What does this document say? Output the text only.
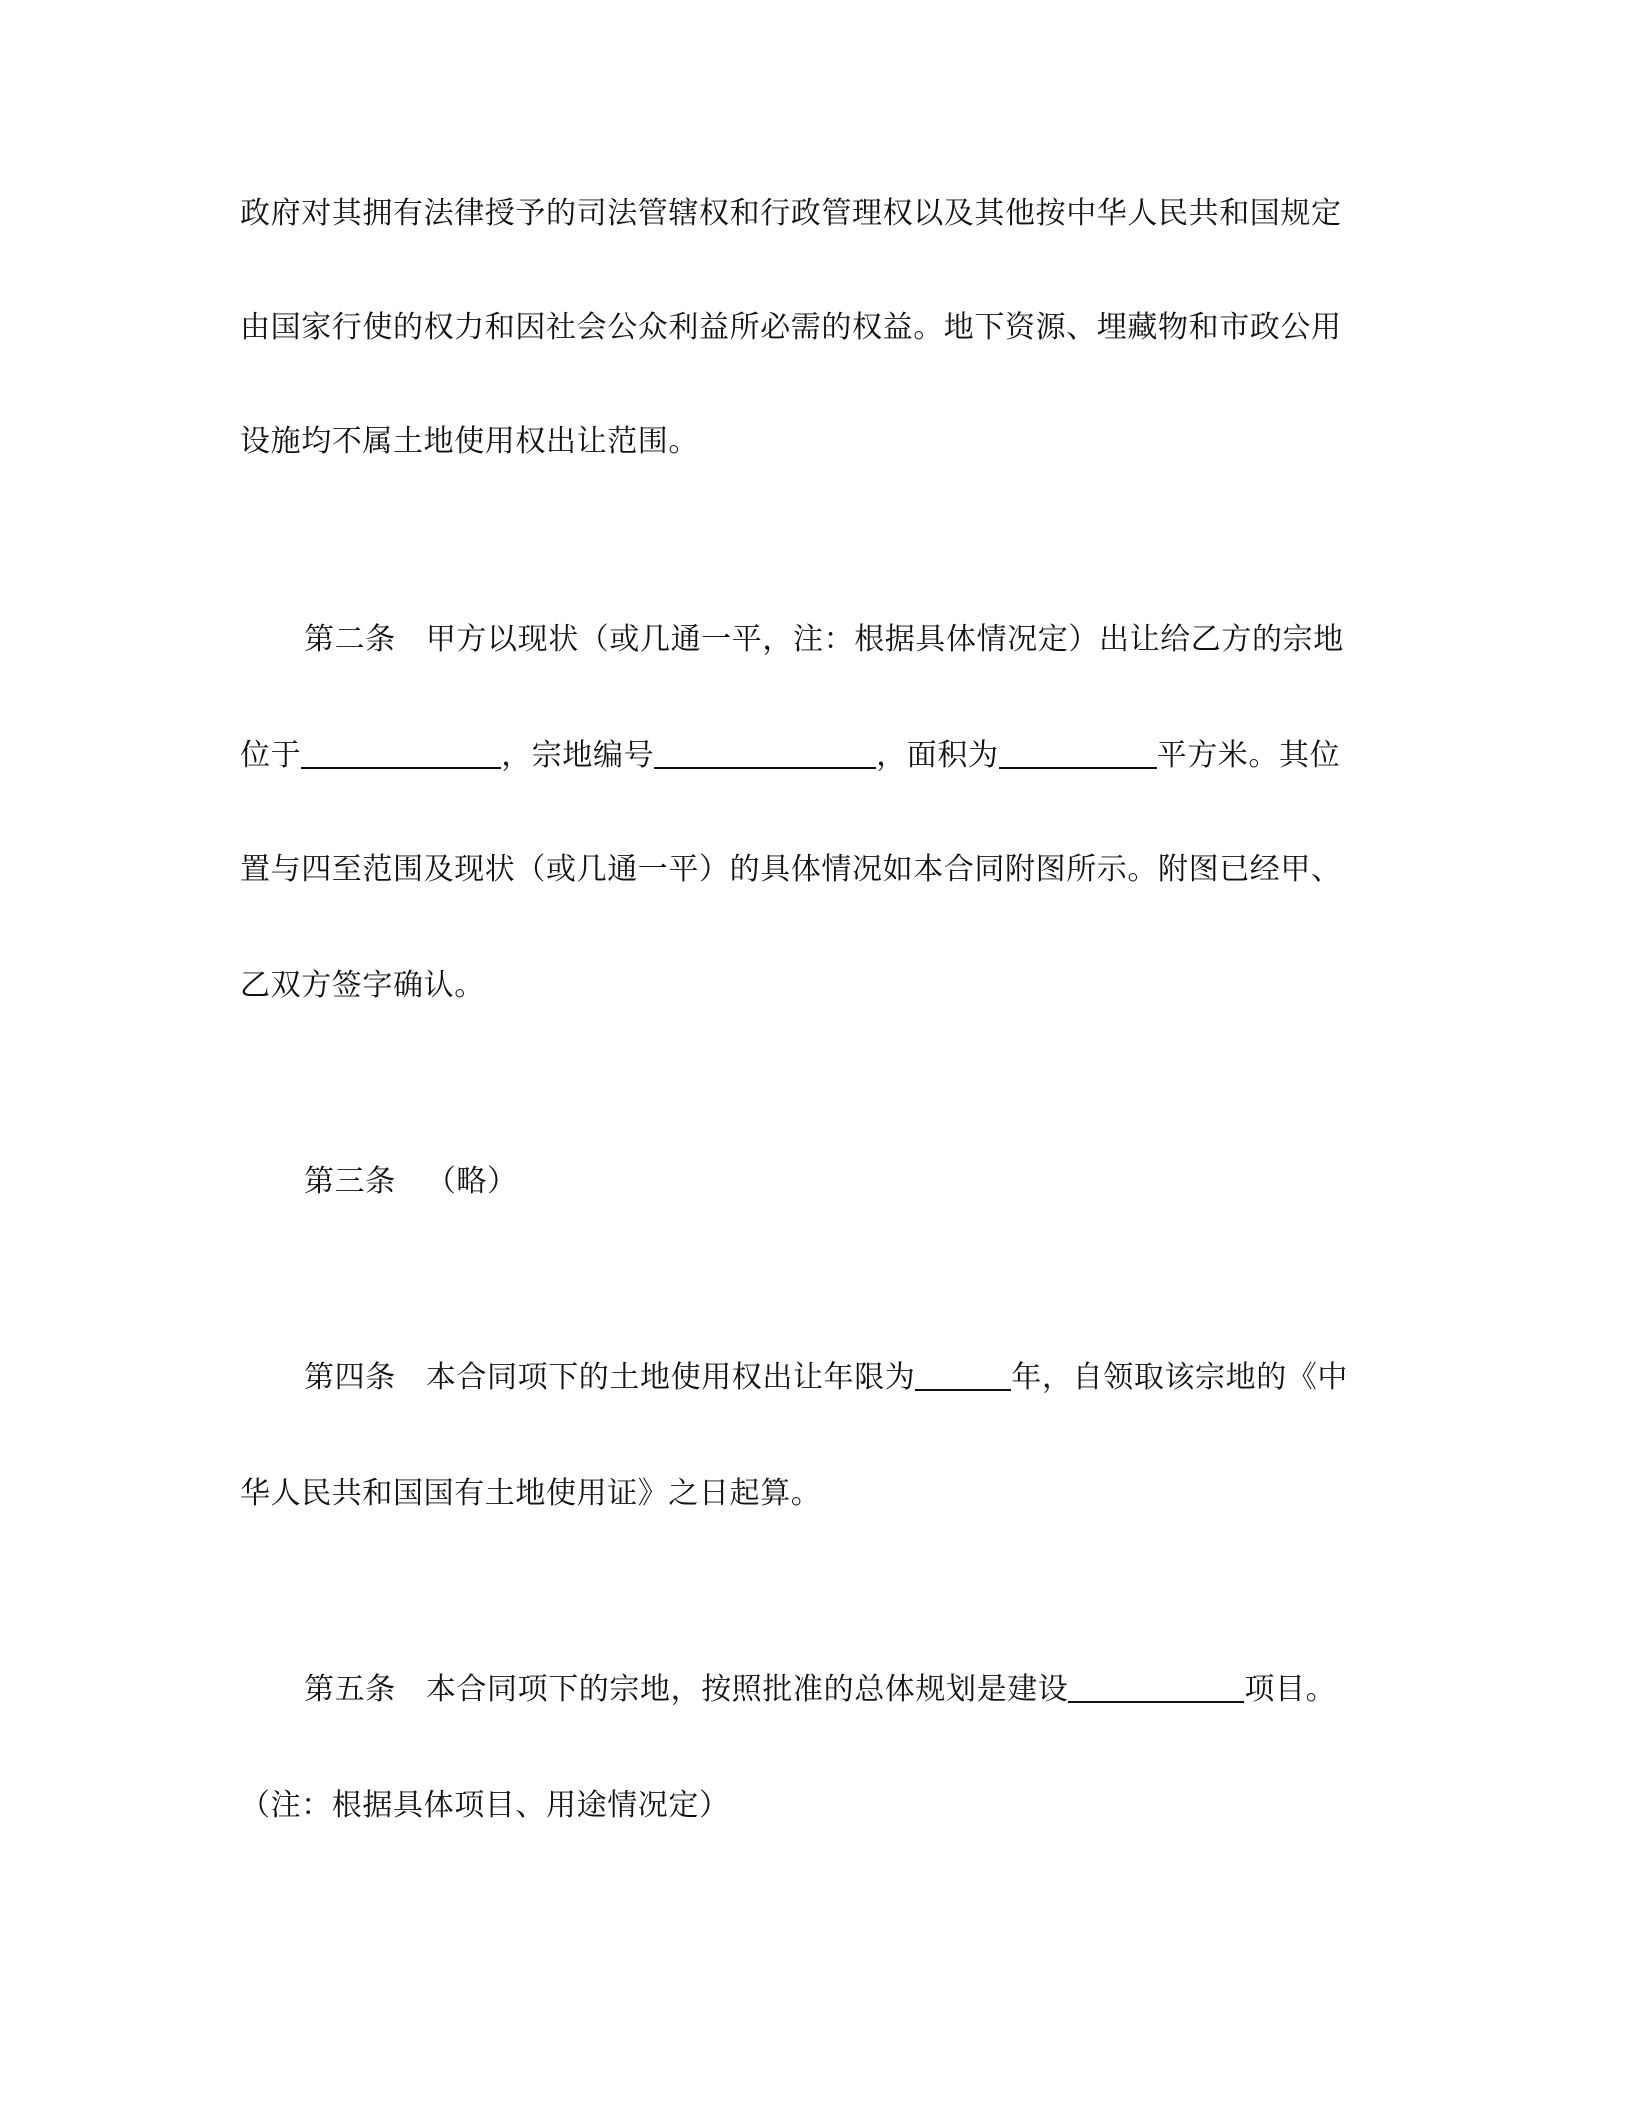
政府对其拥有法律授予的司法管辖权和行政管理权以及其他按中华人民共和国规定
由国家行使的权力和因社会公众利益所必需的权益。地下资源、埋藏物和市政公用
设施均不属土地使用权出让范围。
第二条 甲方以现状（或几通一平，注：根据具体情况定）出让给乙方的宗地
位于	，宗地编号	，面积为	平方米。其位
置与四至范围及现状（或几通一平）的具体情况如本合同附图所示。附图已经甲、
乙双方签字确认。
第三条 （略）
第四条 本合同项下的土地使用权出让年限为	年，自领取该宗地的《中
华人民共和国国有土地使用证》之日起算。
第五条 本合同项下的宗地，按照批准的总体规划是建设	项目。
（注：根据具体项目、用途情况定）
